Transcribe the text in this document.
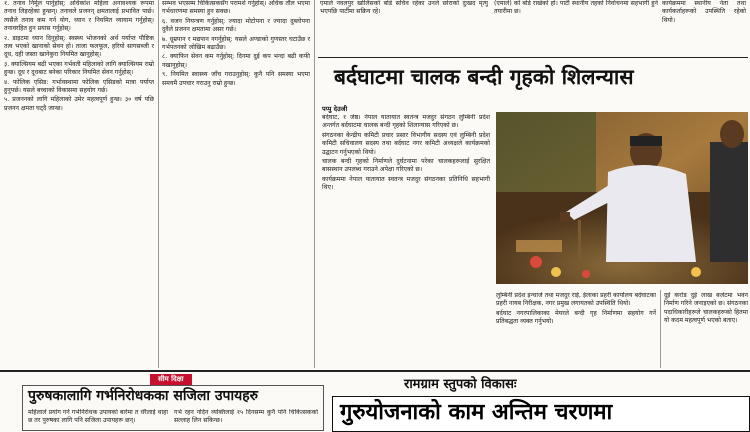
१. तनाव निर्मूल पार्नुहोस्: अधिकांश महिला अनावश्यक रूपमा तनाव लिइरहेका हुन्छन्। तनावले प्रजनन् क्षमतालाई प्रभावित पार्छ। त्यसैले तनाव कम गर्न योग, ध्यान र नियमित व्यायाम गर्नुहोस्। तनावरहित हुन प्रयास गर्नुहोस्।

२. डाइटमा ध्यान दिनुहोस्: स्वस्थ्य भोजनको अर्थ पर्याप्त पौष्टिक तत्व भएको खानाको सेवन हो। ताजा फलफूल, हरियो सागसब्जी र दूध, दही जस्ता खानेकुरा नियमित खानुहोस्।

३. क्याल्सियम बढी भएका गर्भवती महिलाको लागि क्याल्सियम राम्रो हुन्छ। दूध र दूधबाट बनेका परिकार नियमित सेवन गर्नुहोस्।

४. फोलिक एसिड: गर्भावस्थामा फोलिक एसिडको मात्रा पर्याप्त हुनुपर्छ। यसले बच्चाको विकासमा सहयोग गर्छ।

५. प्रजननको लागि महिलाको उमेर महत्वपूर्ण हुन्छ। ३० वर्ष पछि प्रजनन क्षमता घट्दै जान्छ।

सम्भव भएसम्म चिकित्सकसँग परामर्श गर्नुहोस्। अधिक तौल भएमा गर्भधारणमा समस्या हुन सक्छ।

६. वजन नियन्त्रण गर्नुहोस्: ज्यादा मोटोपना र ज्यादा दुब्लोपना दुवैले प्रजनन क्षमतामा असर गर्छ।

७. धूम्रपान र मद्यपान नगर्नुहोस्: यसले अण्डाको गुणस्तर घटाउँछ र गर्भपतनको जोखिम बढाउँछ।

८. क्याफिन सेवन कम गर्नुहोस्: दिनमा दुई कप भन्दा बढी कफी नखानुहोस्।

९. नियमित स्वास्थ्य जाँच गराउनुहोस्: कुनै पनि समस्या भएमा समयमै उपचार गराउनु राम्रो हुन्छ।

एमाले नवलपुर खोलिसको बोर्ड सचिव रहेका उनले छोराको दुःखद मृत्यु भएपछि पार्टीमा सक्रिय रहे।

(एमाले) को बोर्ड राखेको हो। पार्टी स्थानीय तहको निर्वाचनमा सहभागी हुने तयारीमा छ।

कार्यक्रममा स्थानीय नेता तथा कार्यकर्ताहरूको उपस्थिति रहेको थियो।

बर्दघाटमा चालक बन्दी गृहको शिलन्यास
पप्पु देउजी

बर्दघाट, १ जेष्ठ। नेपाल यातायात स्वतन्त्र मजदुर संगठन लुम्बिनी प्रदेश अन्तर्गत बर्दघाटमा चालक बन्दी गृहको शिलान्यास गरिएको छ।

संगठनका केन्द्रीय कमिटी प्रचार प्रसार विभागीय सदस्य एवं लुम्बिनी प्रदेश कमिटी सचिवालय सदस्य तथा बर्दघाट नगर कमिटी अध्यक्षले कार्यक्रमको उद्घाटन गर्नुभएको थियो।

चालक बन्दी गृहको निर्माणले दुर्घटनामा परेका चालकहरूलाई सुरक्षित बासस्थान उपलब्ध गराउने अपेक्षा गरिएको छ।

कार्यक्रममा नेपाल यातायात स्वतन्त्र मजदुर संगठनका प्रतिनिधि सहभागी थिए।

लुम्बिनी प्रदेश इन्चार्ज तथा मजदुर राई, ईलाका प्रहरी कार्यालय बर्दघाटका प्रहरी नायब निरीक्षक, नगर प्रमुख लगायतको उपस्थिति थियो।

बर्दघाट नगरपालिकाका मेयरले बन्दी गृह निर्माणमा सहयोग गर्ने प्रतिबद्धता व्यक्त गर्नुभयो।

दुई करोड दुई लाख बजेटमा भवन निर्माण गरिने जनाइएको छ। संगठनका पदाधिकारीहरूले चालकहरूको हितमा यो कदम महत्वपूर्ण भएको बताए।

सीम दिक्षा
पुरुषकालागि गर्भनिरोधकका सजिला उपायहरु

महिलाले प्रयोग गर्ने गर्भनिरोधक उपायको बारेमा त धेरैलाई थाहा छ तर पुरुषका लागि पनि सजिला उपायहरू छन्।

गर्भ रहन नदिन व्यक्तिलाई १५ दिनसम्म कुनै पनि चिकित्सकको सल्लाह लिन सकिन्छ।

रामग्राम स्तुपको विकासः
गुरुयोजनाको काम अन्तिम चरणमा
